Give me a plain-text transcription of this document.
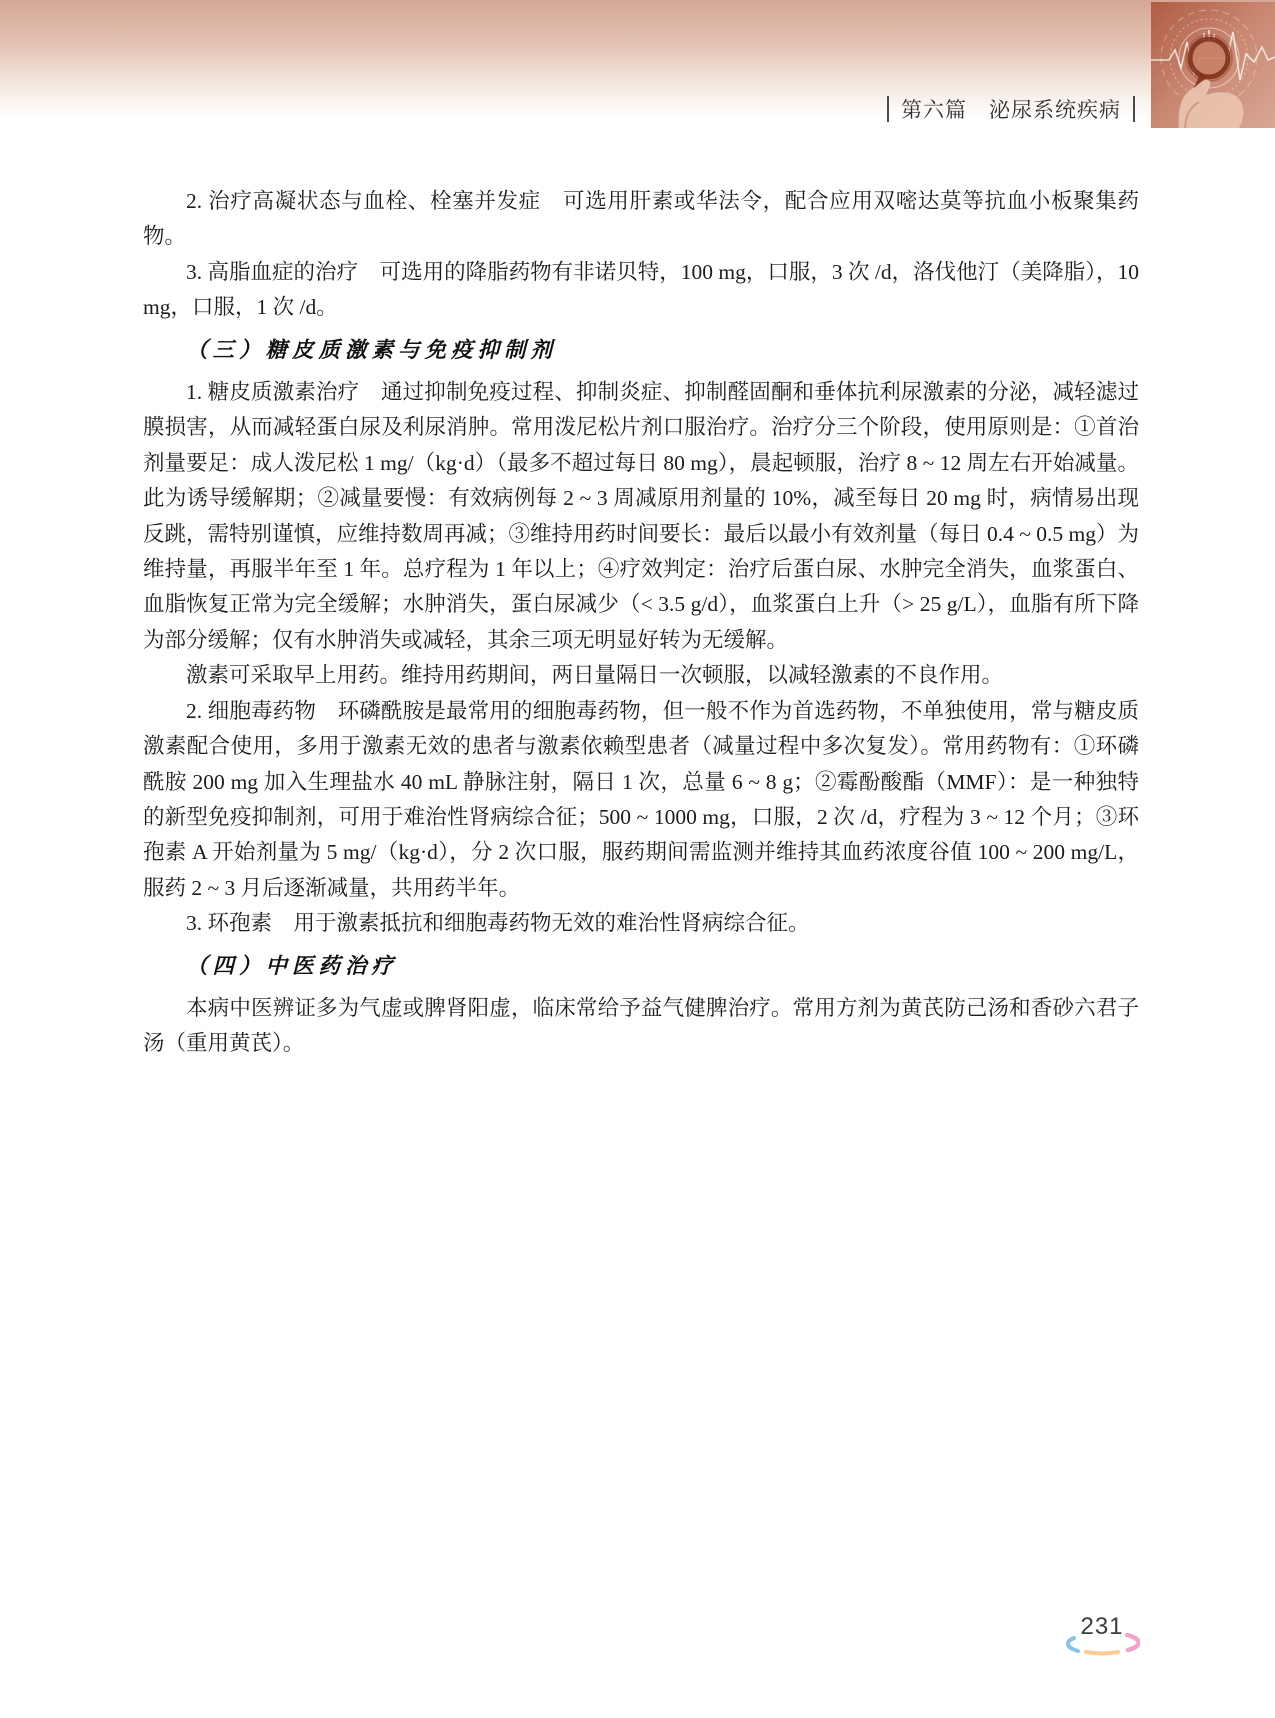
第六篇　泌尿系统疾病

2. 治疗高凝状态与血栓、栓塞并发症　可选用肝素或华法令，配合应用双嘧达莫等抗血小板聚集药物。

3. 高脂血症的治疗　可选用的降脂药物有非诺贝特，100 mg，口服，3 次 /d，洛伐他汀（美降脂），10 mg，口服，1 次 /d。

（三）糖皮质激素与免疫抑制剂

1. 糖皮质激素治疗　通过抑制免疫过程、抑制炎症、抑制醛固酮和垂体抗利尿激素的分泌，减轻滤过膜损害，从而减轻蛋白尿及利尿消肿。常用泼尼松片剂口服治疗。治疗分三个阶段，使用原则是：①首治剂量要足：成人泼尼松 1 mg/（kg·d）（最多不超过每日 80 mg），晨起顿服，治疗 8 ~ 12 周左右开始减量。此为诱导缓解期；②减量要慢：有效病例每 2 ~ 3 周减原用剂量的 10%，减至每日 20 mg 时，病情易出现反跳，需特别谨慎，应维持数周再减；③维持用药时间要长：最后以最小有效剂量（每日 0.4 ~ 0.5 mg）为维持量，再服半年至 1 年。总疗程为 1 年以上；④疗效判定：治疗后蛋白尿、水肿完全消失，血浆蛋白、血脂恢复正常为完全缓解；水肿消失，蛋白尿减少（< 3.5 g/d），血浆蛋白上升（> 25 g/L），血脂有所下降为部分缓解；仅有水肿消失或减轻，其余三项无明显好转为无缓解。

激素可采取早上用药。维持用药期间，两日量隔日一次顿服，以减轻激素的不良作用。

2. 细胞毒药物　环磷酰胺是最常用的细胞毒药物，但一般不作为首选药物，不单独使用，常与糖皮质激素配合使用，多用于激素无效的患者与激素依赖型患者（减量过程中多次复发）。常用药物有：①环磷酰胺 200 mg 加入生理盐水 40 mL 静脉注射，隔日 1 次，总量 6 ~ 8 g；②霉酚酸酯（MMF）：是一种独特的新型免疫抑制剂，可用于难治性肾病综合征；500 ~ 1000 mg，口服，2 次 /d，疗程为 3 ~ 12 个月；③环孢素 A 开始剂量为 5 mg/（kg·d），分 2 次口服，服药期间需监测并维持其血药浓度谷值 100 ~ 200 mg/L，服药 2 ~ 3 月后逐渐减量，共用药半年。

3. 环孢素　用于激素抵抗和细胞毒药物无效的难治性肾病综合征。

（四）中医药治疗

本病中医辨证多为气虚或脾肾阳虚，临床常给予益气健脾治疗。常用方剂为黄芪防己汤和香砂六君子汤（重用黄芪）。

231
